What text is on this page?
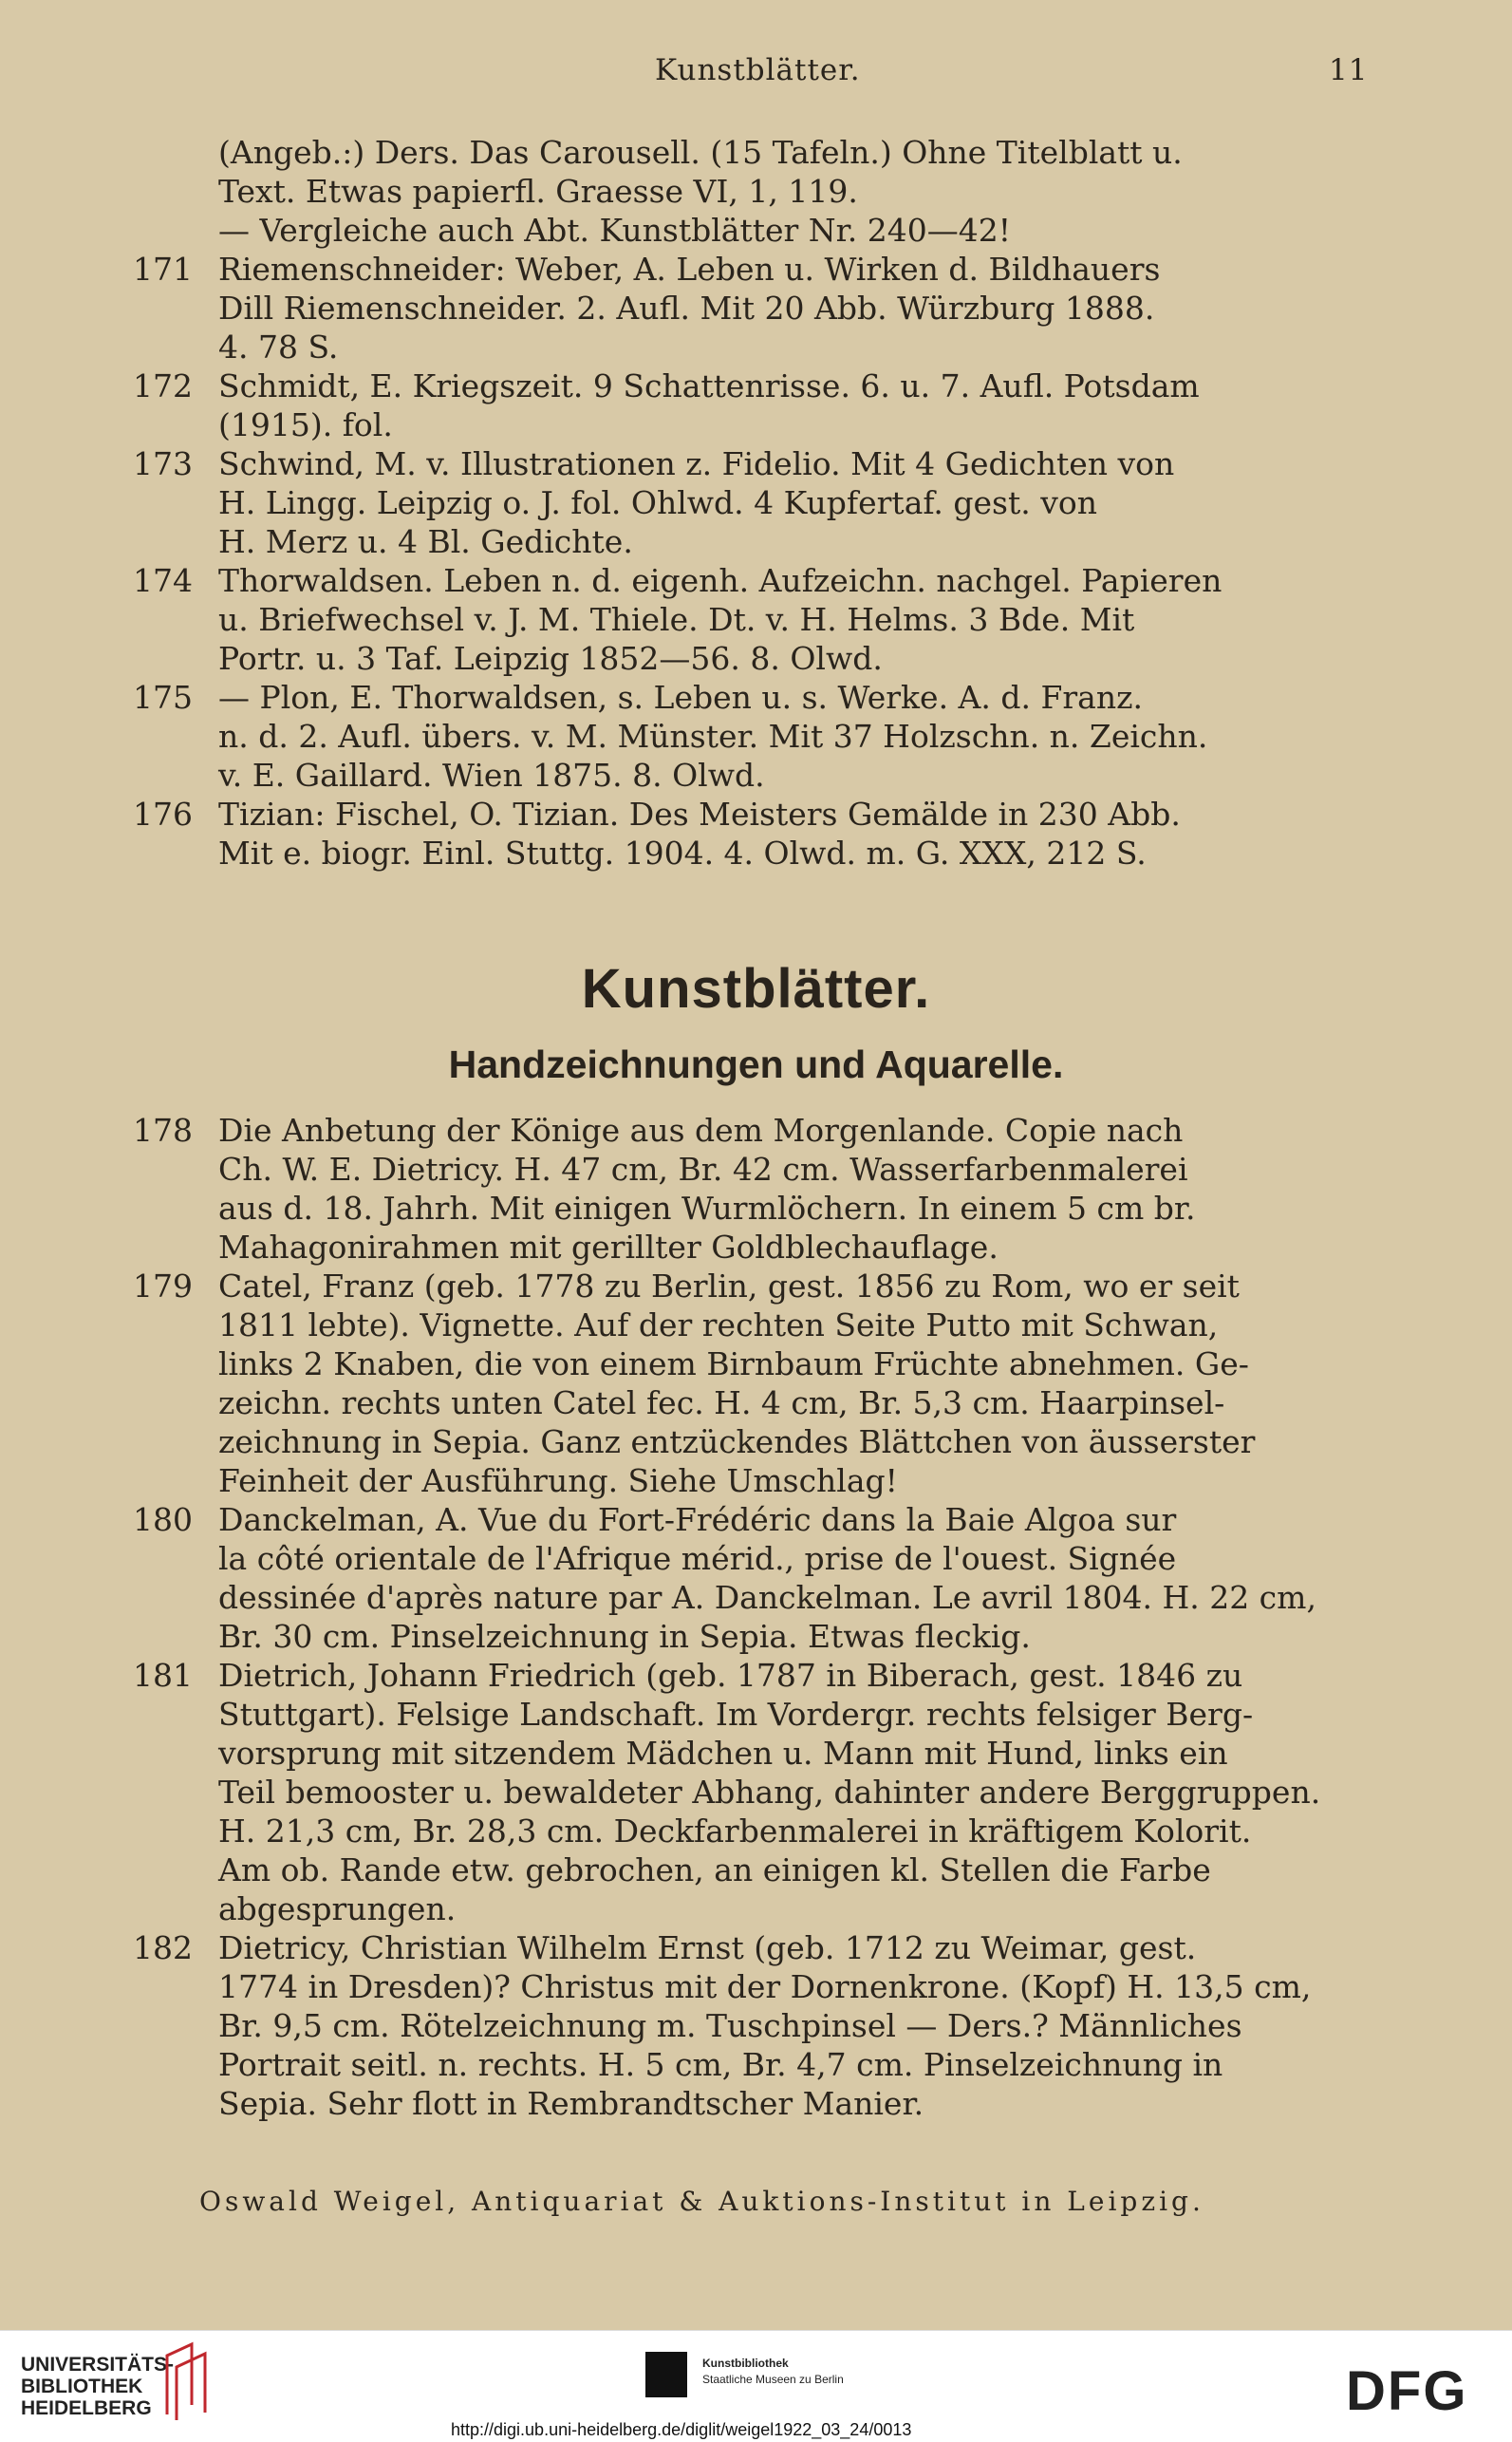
Kunstblätter.	11
(Angeb.:) Ders. Das Carousell. (15 Tafeln.) Ohne Titelblatt u.
Text. Etwas papierfl. Graesse VI, 1, 119.
— Vergleiche auch Abt. Kunstblätter Nr. 240—42!
171 Riemenschneider: Weber, A. Leben u. Wirken d. Bildhauers
Dill Riemenschneider. 2. Aufl. Mit 20 Abb. Würzburg 1888.
4. 78 S.
172 Schmidt, E. Kriegszeit. 9 Schattenrisse. 6. u. 7. Aufl. Potsdam
(1915). fol.
173 Schwind, M. v. Illustrationen z. Fidelio. Mit 4 Gedichten von
H. Lingg. Leipzig o. J. fol. Ohlwd. 4 Kupfertaf. gest. von
H. Merz u. 4 Bl. Gedichte.
174 Thorwaldsen. Leben n. d. eigenh. Aufzeichn. nachgel. Papieren
u. Briefwechsel v. J. M. Thiele. Dt. v. H. Helms. 3 Bde. Mit
Portr. u. 3 Taf. Leipzig 1852—56. 8. Olwd.
175 — Plon, E. Thorwaldsen, s. Leben u. s. Werke. A. d. Franz.
n. d. 2. Aufl. übers. v. M. Münster. Mit 37 Holzschn. n. Zeichn.
v. E. Gaillard. Wien 1875. 8. Olwd.
176 Tizian: Fischel, O. Tizian. Des Meisters Gemälde in 230 Abb.
Mit e. biogr. Einl. Stuttg. 1904. 4. Olwd. m. G. XXX, 212 S.
Kunstblätter.
Handzeichnungen und Aquarelle.
178 Die Anbetung der Könige aus dem Morgenlande. Copie nach
Ch. W. E. Dietricy. H. 47 cm, Br. 42 cm. Wasserfarbenmalerei
aus d. 18. Jahrh. Mit einigen Wurmlöchern. In einem 5 cm br.
Mahagonirahmen mit gerillter Goldblechauflage.
179 Catel, Franz (geb. 1778 zu Berlin, gest. 1856 zu Rom, wo er seit
1811 lebte). Vignette. Auf der rechten Seite Putto mit Schwan,
links 2 Knaben, die von einem Birnbaum Früchte abnehmen. Ge-
zeichn. rechts unten Catel fec. H. 4 cm, Br. 5,3 cm. Haarpinsel-
zeichnung in Sepia. Ganz entzückendes Blättchen von äusserster
Feinheit der Ausführung. Siehe Umschlag!
180 Danckelman, A. Vue du Fort-Frédéric dans la Baie Algoa sur
la côté orientale de l'Afrique mérid., prise de l'ouest. Signée
dessinée d'après nature par A. Danckelman. Le avril 1804. H. 22 cm,
Br. 30 cm. Pinselzeichnung in Sepia. Etwas fleckig.
181 Dietrich, Johann Friedrich (geb. 1787 in Biberach, gest. 1846 zu
Stuttgart). Felsige Landschaft. Im Vordergr. rechts felsiger Berg-
vorsprung mit sitzendem Mädchen u. Mann mit Hund, links ein
Teil bemooster u. bewaldeter Abhang, dahinter andere Berggruppen.
H. 21,3 cm, Br. 28,3 cm. Deckfarbenmalerei in kräftigem Kolorit.
Am ob. Rande etw. gebrochen, an einigen kl. Stellen die Farbe
abgesprungen.
182 Dietricy, Christian Wilhelm Ernst (geb. 1712 zu Weimar, gest.
1774 in Dresden)? Christus mit der Dornenkrone. (Kopf) H. 13,5 cm,
Br. 9,5 cm. Rötelzeichnung m. Tuschpinsel — Ders.? Männliches
Portrait seitl. n. rechts. H. 5 cm, Br. 4,7 cm. Pinselzeichnung in
Sepia. Sehr flott in Rembrandtscher Manier.
Oswald Weigel, Antiquariat & Auktions-Institut in Leipzig.
UNIVERSITÄTS-
BIBLIOTHEK
HEIDELBERG
Kunstbibliothek
Staatliche Museen zu Berlin	DFG
http://digi.ub.uni-heidelberg.de/diglit/weigel1922_03_24/0013
